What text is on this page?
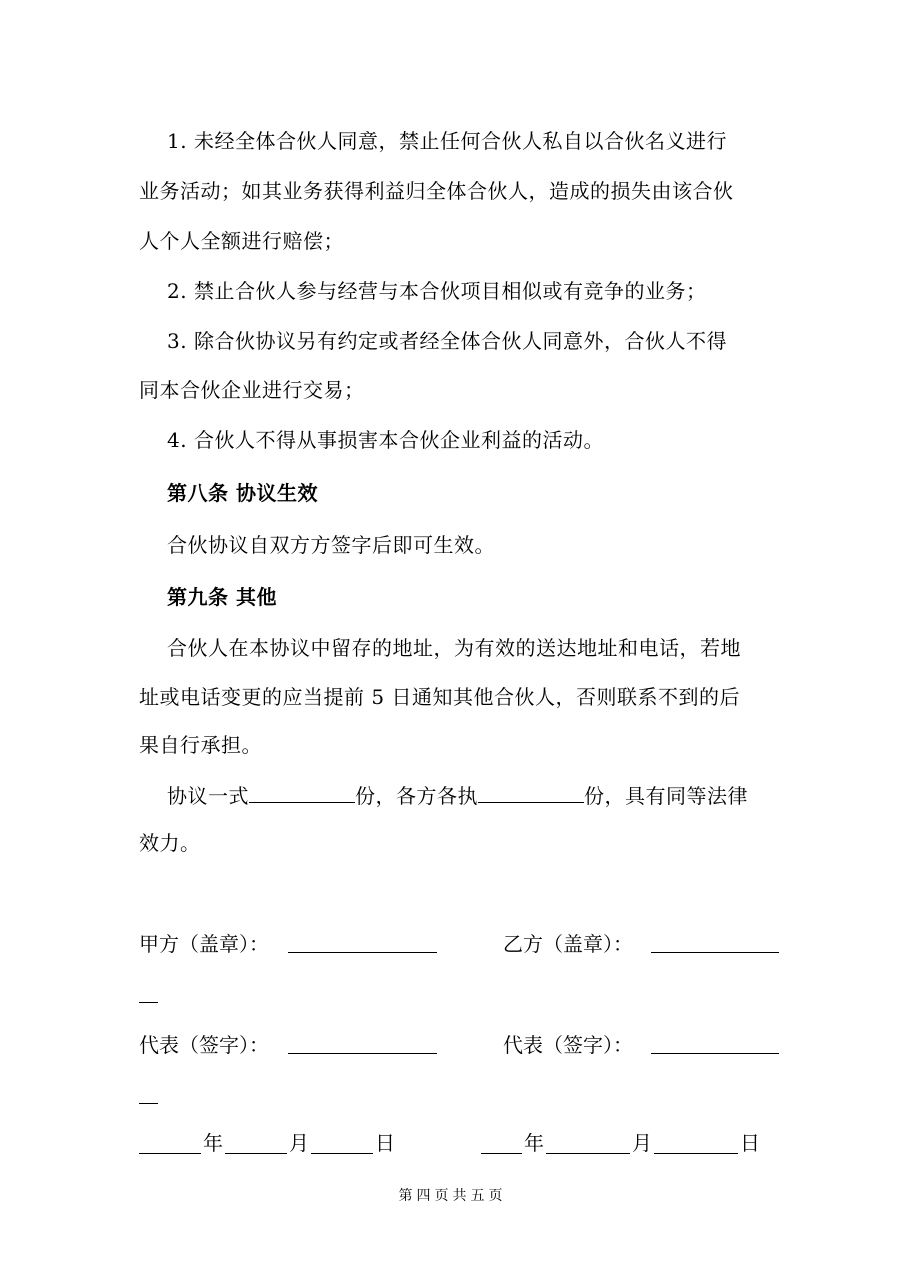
1. 未经全体合伙人同意，禁止任何合伙人私自以合伙名义进行
业务活动；如其业务获得利益归全体合伙人，造成的损失由该合伙
人个人全额进行赔偿；
2. 禁止合伙人参与经营与本合伙项目相似或有竞争的业务；
3. 除合伙协议另有约定或者经全体合伙人同意外，合伙人不得
同本合伙企业进行交易；
4. 合伙人不得从事损害本合伙企业利益的活动。
第八条 协议生效
合伙协议自双方方签字后即可生效。
第九条 其他
合伙人在本协议中留存的地址，为有效的送达地址和电话，若地
址或电话变更的应当提前 5 日通知其他合伙人，否则联系不到的后
果自行承担。
协议一式	份，各方各执	份，具有同等法律
效力。
甲方（盖章）：	乙方（盖章）：
代表（签字）：	代表（签字）：
年	月	日	年	月	日
第四页共五页
